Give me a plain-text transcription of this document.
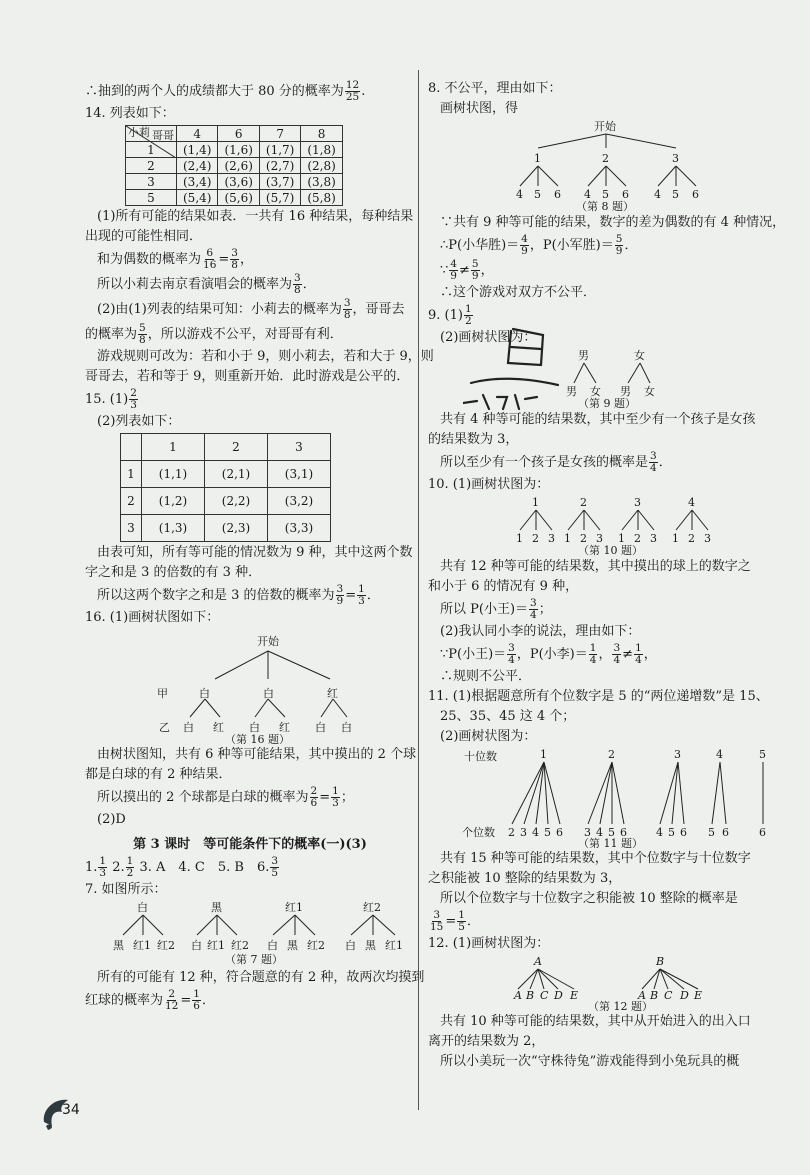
∴抽到的两个人的成绩都大于 80 分的概率为 $\frac{12}{25}$ .
14. 列表如下：
哥哥
小莉	4	6	7	8
1	(1,4)	(1,6)	(1,7)	(1,8)
2	(2,4)	(2,6)	(2,7)	(2,8)
3	(3,4)	(3,6)	(3,7)	(3,8)
5	(5,4)	(5,6)	(5,7)	(5,8)
(1)所有可能的结果如表．一共有 16 种结果，每种结果
出现的可能性相同．
和为偶数的概率为 $\frac{6}{16} = \frac{3}{8}$ ，
所以小莉去南京看演唱会的概率为 $\frac{3}{8}$ ．
(2)由(1)列表的结果可知：小莉去的概率为 $\frac{3}{8}$ ，哥哥去
的概率为 $\frac{5}{8}$ ，所以游戏不公平，对哥哥有利．
游戏规则可改为：若和小于 9，则小莉去，若和大于 9，则
哥哥去，若和等于 9，则重新开始．此时游戏是公平的．
15. $(1) \frac{2}{3}$
(2)列表如下：
	1	2	3
1	(1,1)	(2,1)	(3,1)
2	(1,2)	(2,2)	(3,2)
3	(1,3)	(2,3)	(3,3)
由表可知，所有等可能的情况数为 9 种，其中这两个数
字之和是 3 的倍数的有 3 种．
所以这两个数字之和是 3 的倍数的概率为 $\frac{3}{9} = \frac{1}{3}$ ．
16. (1)画树状图如下：
开始
甲	白	白	红
乙 白 红 白 红 白 白
（第 16 题）
由树状图知，共有 6 种等可能结果，其中摸出的 2 个球
都是白球的有 2 种结果．
所以摸出的 2 个球都是白球的概率为 $\frac{2}{6} = \frac{1}{3}$ ；
(2)D
第 3 课时　等可能条件下的概率(一)(3)
1. $\frac{1}{3} 2$. $\frac{1}{2} 3$. A　4. C　5. B　6. $\frac{3}{5}$
7. 如图所示：
白	黑	红1	红2
黑 红1 红2 白 红1 红2 白 黑 红2 白 黑 红1
（第 7 题）
所有的可能有 12 种，符合题意的有 2 种，故两次均摸到
红球的概率为 $\frac{2}{12} = \frac{1}{6}$ ．
8. 不公平，理由如下：
画树状图，得
开始
1	2	3
4 5 6 4 5 6 4 5 6
（第 8 题）
∵共有 9 种等可能的结果，数字的差为偶数的有 4 种情况，
∴P(小华胜)＝ $\frac{4}{9}$ ，P(小军胜)＝ $\frac{5}{9}$ ．
∵ $\frac{4}{9} \ne \frac{5}{9}$ ，
∴这个游戏对双方不公平．
9. $(1) \frac{1}{2}$
(2)画树状图为：
男	女
男 女 男 女
（第 9 题）
共有 4 种等可能的结果数，其中至少有一个孩子是女孩
的结果数为 3，
所以至少有一个孩子是女孩的概率是 $\frac{3}{4}$ ．
10. (1)画树状图为：
1	2	3	4
1 2 3 1 2 3 1 2 3 1 2 3
（第 10 题）
共有 12 种等可能的结果数，其中摸出的球上的数字之
和小于 6 的情况有 9 种，
所以 P(小王)＝ $\frac{3}{4}$ ；
(2)我认同小李的说法，理由如下：
∵P(小王)＝ $\frac{3}{4}$ ，P(小李)＝ $\frac{1}{4}$ ， $\frac{3}{4} \ne \frac{1}{4}$ ，
∴规则不公平．
11. (1)根据题意所有个位数字是 5 的“两位递增数”是 15、
25、35、45 这 4 个；
(2)画树状图为：
十位数	1	2	3	4	5
个位数 2 3 4 5 6 3 4 5 6	4 5 6 5 6	6
（第 11 题）
共有 15 种等可能的结果数，其中个位数字与十位数字
之积能被 10 整除的结果数为 3，
所以个位数字与十位数字之积能被 10 整除的概率是
$\frac{3}{15} = \frac{1}{5}$ ．
12. (1)画树状图为：
A	B
A B C D E	A B C D E
（第 12 题）
共有 10 种等可能的结果数，其中从开始进入的出入口
离开的结果数为 2，
所以小美玩一次“守株待兔”游戏能得到小兔玩具的概
34
